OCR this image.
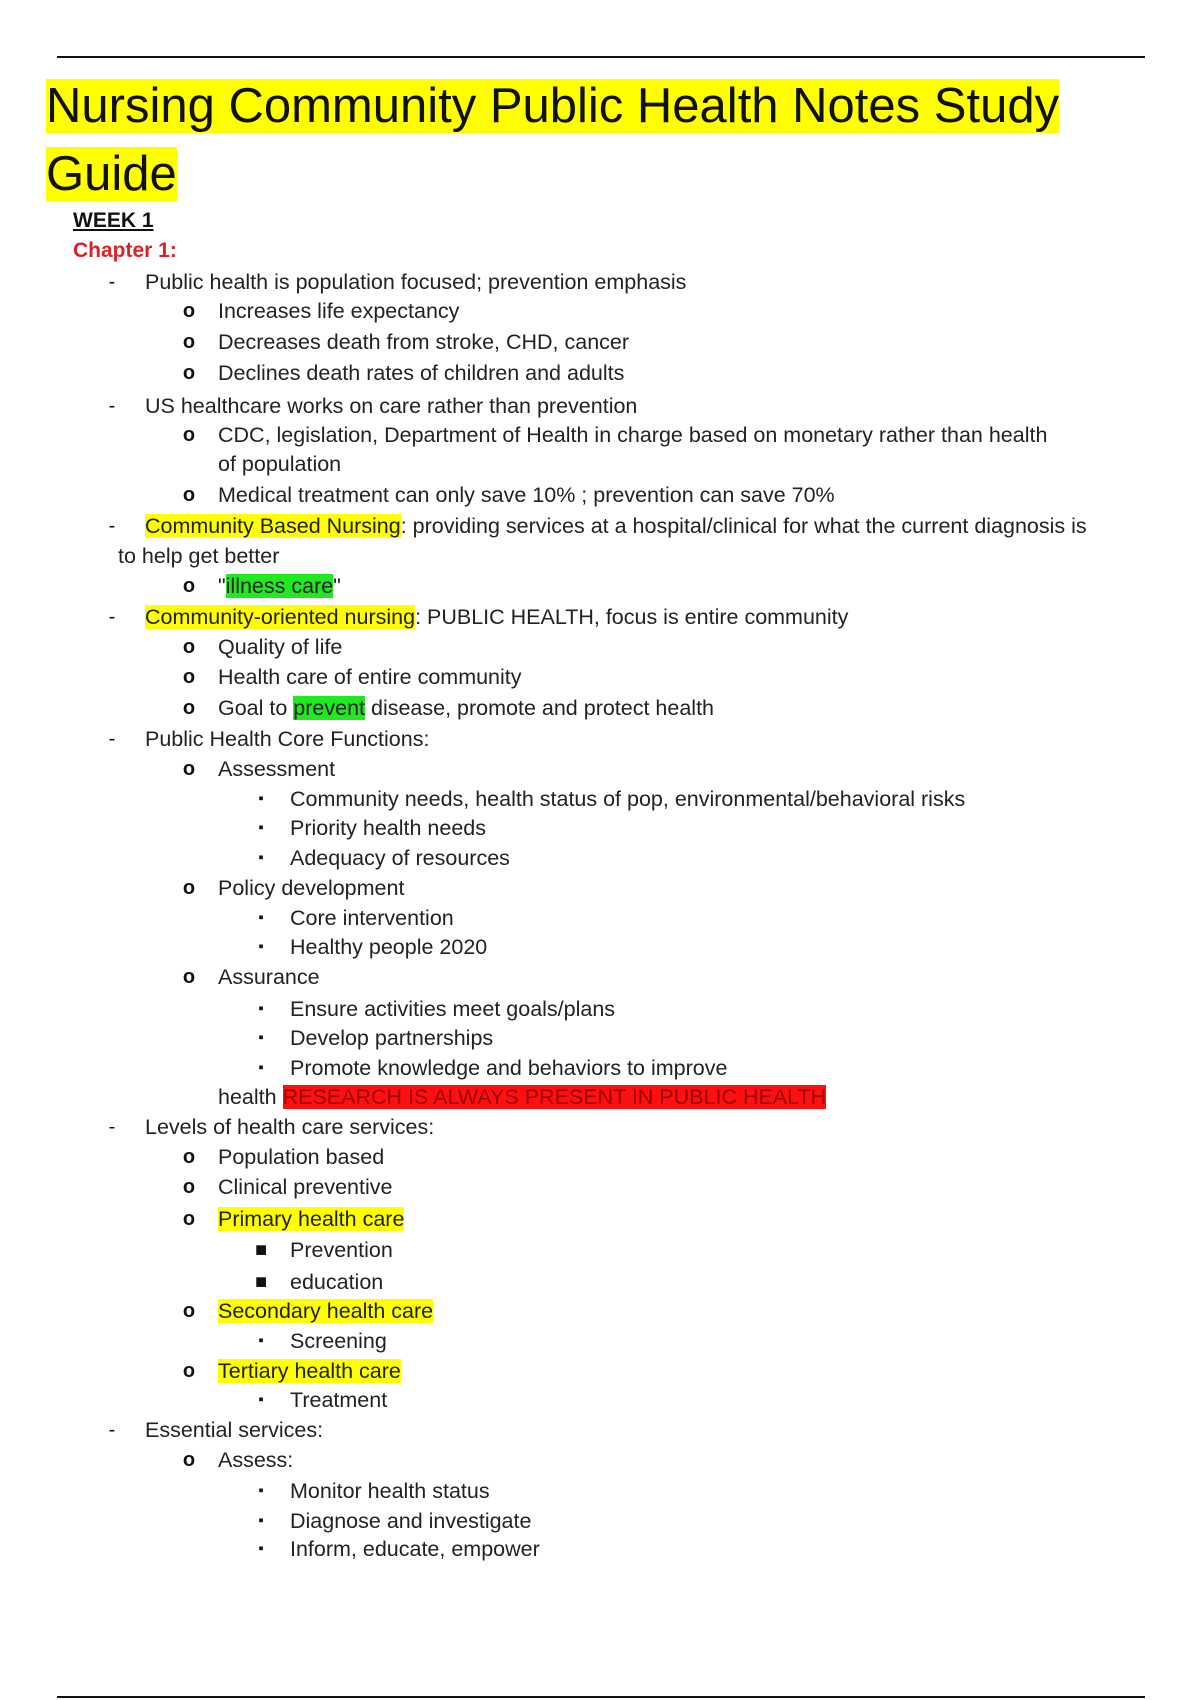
Nursing Community Public Health Notes Study Guide
WEEK 1
Chapter 1:
-	Public health is population focused; prevention emphasis
o	Increases life expectancy
o	Decreases death from stroke, CHD, cancer
o	Declines death rates of children and adults
-	US healthcare works on care rather than prevention
o	CDC, legislation, Department of Health in charge based on monetary rather than health
of population
o	Medical treatment can only save 10% ; prevention can save 70%
-	Community Based Nursing: providing services at a hospital/clinical for what the current diagnosis is
to help get better
o	"illness care"
-	Community-oriented nursing: PUBLIC HEALTH, focus is entire community
o	Quality of life
o	Health care of entire community
o	Goal to prevent disease, promote and protect health
-	Public Health Core Functions:
o	Assessment
▪	Community needs, health status of pop, environmental/behavioral risks
▪	Priority health needs
▪	Adequacy of resources
o	Policy development
▪	Core intervention
▪	Healthy people 2020
o	Assurance
▪	Ensure activities meet goals/plans
▪	Develop partnerships
▪	Promote knowledge and behaviors to improve
health RESEARCH IS ALWAYS PRESENT IN PUBLIC HEALTH
-	Levels of health care services:
o	Population based
o	Clinical preventive
o	Primary health care
■	Prevention
■	education
o	Secondary health care
▪	Screening
o	Tertiary health care
▪	Treatment
-	Essential services:
o	Assess:
▪	Monitor health status
▪	Diagnose and investigate
▪	Inform, educate, empower
